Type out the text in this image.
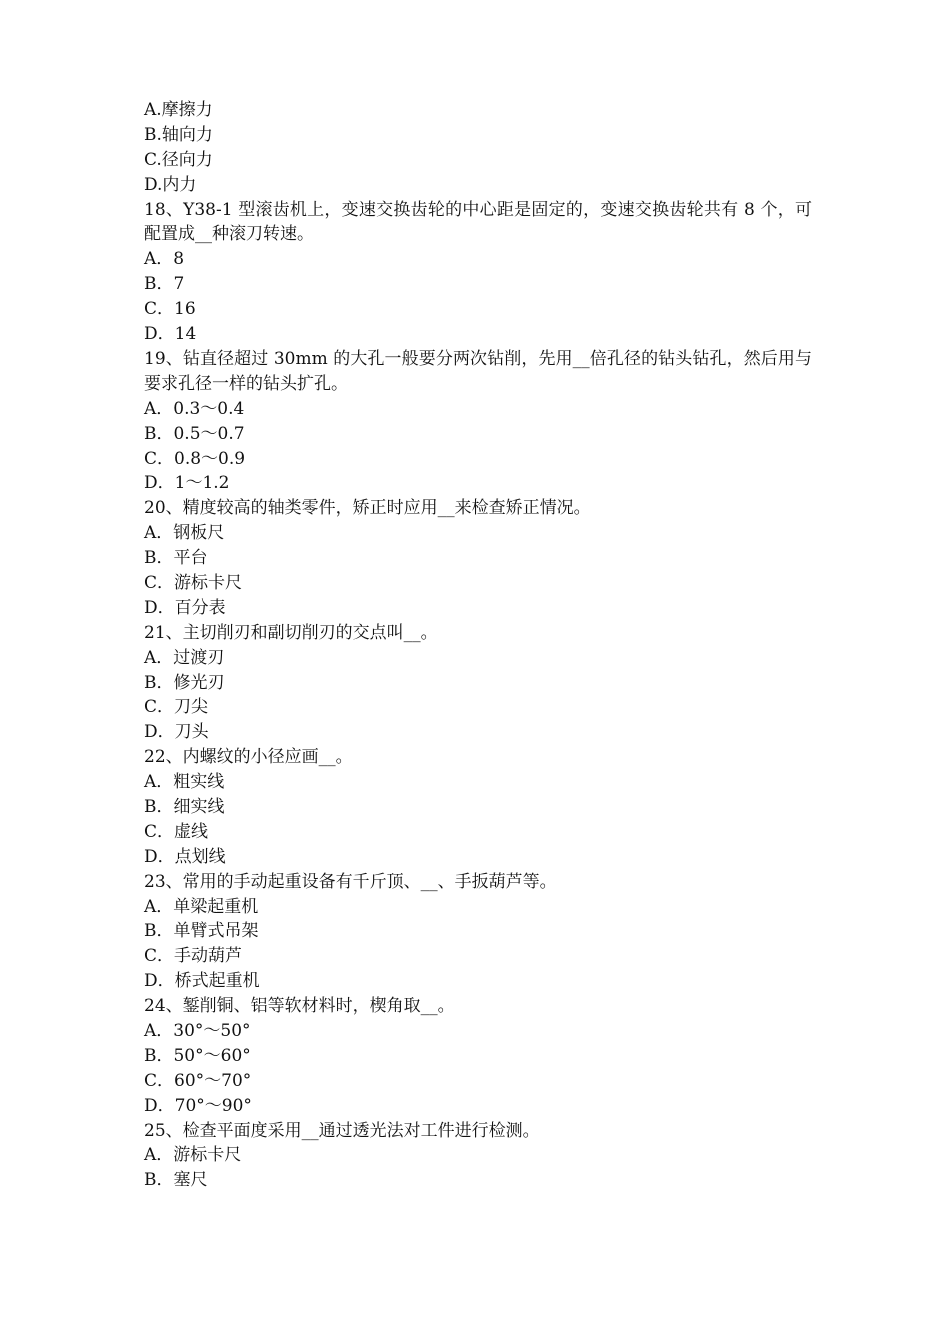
A.摩擦力
B.轴向力
C.径向力
D.内力
18、Y38-1 型滚齿机上，变速交换齿轮的中心距是固定的，变速交换齿轮共有 8 个，可配置成__种滚刀转速。
A．8
B．7
C．16
D．14
19、钻直径超过 30mm 的大孔一般要分两次钻削，先用__倍孔径的钻头钻孔，然后用与要求孔径一样的钻头扩孔。
A．0.3～0.4
B．0.5～0.7
C．0.8～0.9
D．1～1.2
20、精度较高的轴类零件，矫正时应用__来检查矫正情况。
A．钢板尺
B．平台
C．游标卡尺
D．百分表
21、主切削刃和副切削刃的交点叫__。
A．过渡刃
B．修光刃
C．刀尖
D．刀头
22、内螺纹的小径应画__。
A．粗实线
B．细实线
C．虚线
D．点划线
23、常用的手动起重设备有千斤顶、__、手扳葫芦等。
A．单梁起重机
B．单臂式吊架
C．手动葫芦
D．桥式起重机
24、錾削铜、铝等软材料时，楔角取__。
A．30°～50°
B．50°～60°
C．60°～70°
D．70°～90°
25、检查平面度采用__通过透光法对工件进行检测。
A．游标卡尺
B．塞尺
